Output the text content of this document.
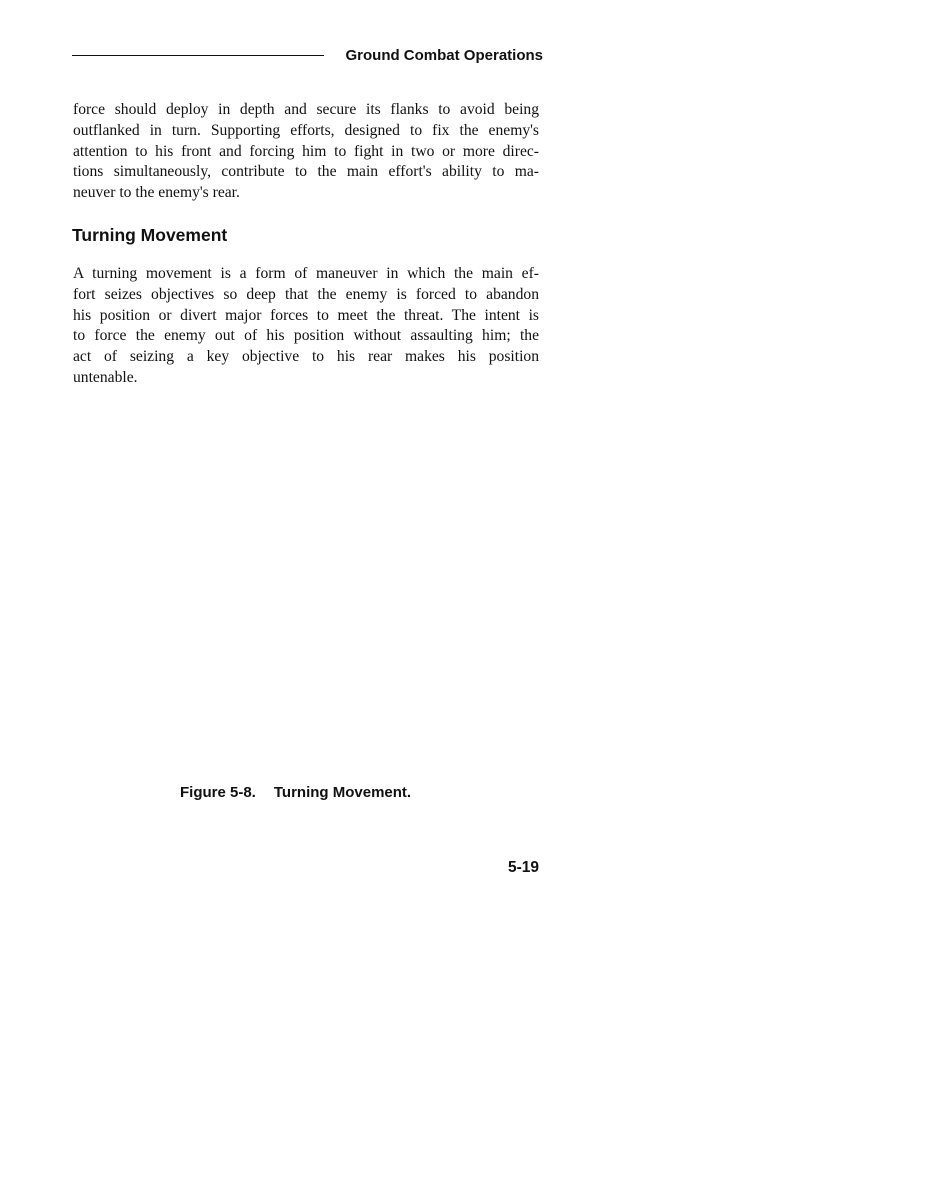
Ground Combat Operations
force should deploy in depth and secure its flanks to avoid being
outflanked in turn. Supporting efforts, designed to fix the enemy's
attention to his front and forcing him to fight in two or more direc-
tions simultaneously, contribute to the main effort's ability to ma-
neuver to the enemy's rear.
Turning Movement
A turning movement is a form of maneuver in which the main ef-
fort seizes objectives so deep that the enemy is forced to abandon
his position or divert major forces to meet the threat. The intent is
to force the enemy out of his position without assaulting him; the
act of seizing a key objective to his rear makes his position
untenable.
Figure 5-8. Turning Movement.
5-19
